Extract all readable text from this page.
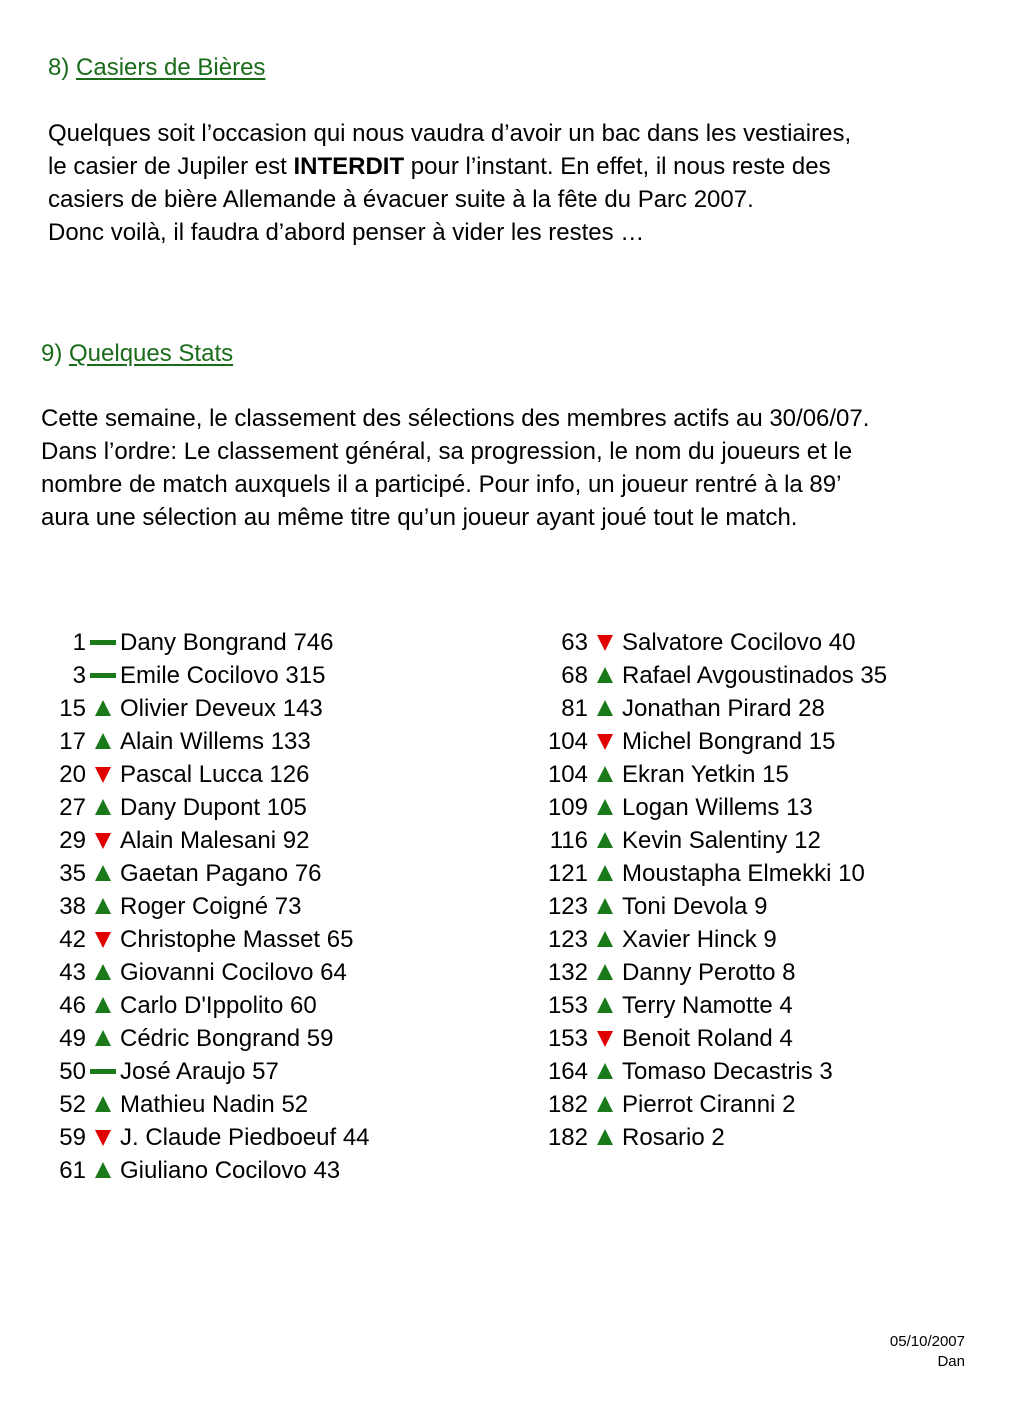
8) Casiers de Bières
Quelques soit l’occasion qui nous vaudra d’avoir un bac dans les vestiaires,
le casier de Jupiler est INTERDIT pour l’instant. En effet, il nous reste des
casiers de bière Allemande à évacuer suite à la fête du Parc 2007.
Donc voilà, il faudra d’abord penser à vider les restes …
9) Quelques Stats
Cette semaine, le classement des sélections des membres actifs au 30/06/07.
Dans l’ordre: Le classement général, sa progression, le nom du joueurs et le
nombre de match auxquels il a participé. Pour info, un joueur rentré à la 89’
aura une sélection au même titre qu’un joueur ayant joué tout le match.
1 Dany Bongrand
746
3 Emile Cocilovo
315
15 Olivier Deveux
143
17 Alain Willems
133
20 Pascal Lucca
126
27 Dany Dupont
105
29 Alain Malesani
92
35 Gaetan Pagano
76
38 Roger Coigné
73
42 Christophe Masset
65
43 Giovanni Cocilovo
64
46 Carlo D'Ippolito
60
49 Cédric Bongrand
59
50 José Araujo
57
52 Mathieu Nadin
52
59 J. Claude Piedboeuf
44
61 Giuliano Cocilovo
43
63 Salvatore Cocilovo
40
68 Rafael Avgoustinados
35
81 Jonathan Pirard
28
104 Michel Bongrand
15
104 Ekran Yetkin
15
109 Logan Willems
13
116 Kevin Salentiny
12
121 Moustapha Elmekki
10
123 Toni Devola
9
123 Xavier Hinck
9
132 Danny Perotto
8
153 Terry Namotte
4
153 Benoit Roland
4
164 Tomaso Decastris
3
182 Pierrot Ciranni
2
182 Rosario
2
05/10/2007
Dan
